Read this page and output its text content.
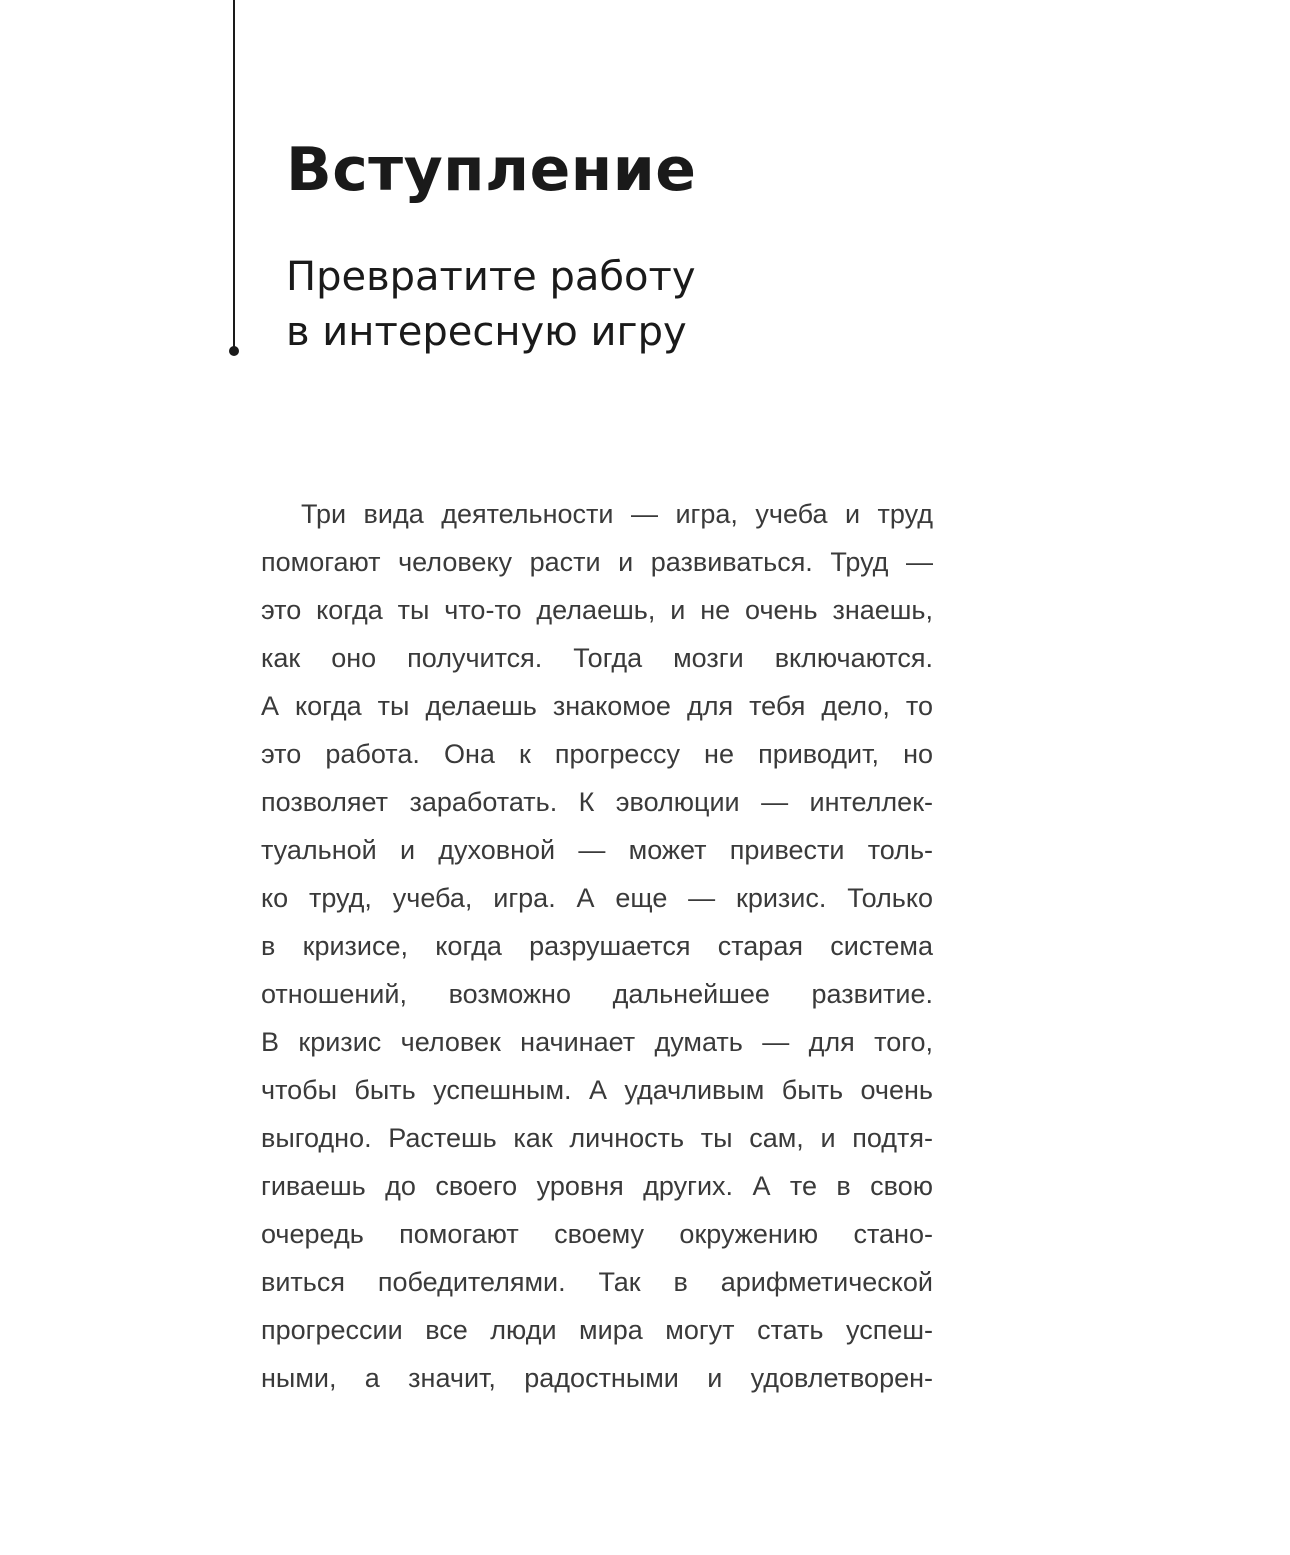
Вступление
Превратите работу
в интересную игру
Три вида деятельности — игра, учеба и труд
помогают человеку расти и развиваться. Труд —
это когда ты что-то делаешь, и не очень знаешь,
как оно получится. Тогда мозги включаются.
А когда ты делаешь знакомое для тебя дело, то
это работа. Она к прогрессу не приводит, но
позволяет заработать. К эволюции — интеллек-
туальной и духовной — может привести толь-
ко труд, учеба, игра. А еще — кризис. Только
в кризисе, когда разрушается старая система
отношений, возможно дальнейшее развитие.
В кризис человек начинает думать — для того,
чтобы быть успешным. А удачливым быть очень
выгодно. Растешь как личность ты сам, и подтя-
гиваешь до своего уровня других. А те в свою
очередь помогают своему окружению стано-
виться победителями. Так в арифметической
прогрессии все люди мира могут стать успеш-
ными, а значит, радостными и удовлетворен-
